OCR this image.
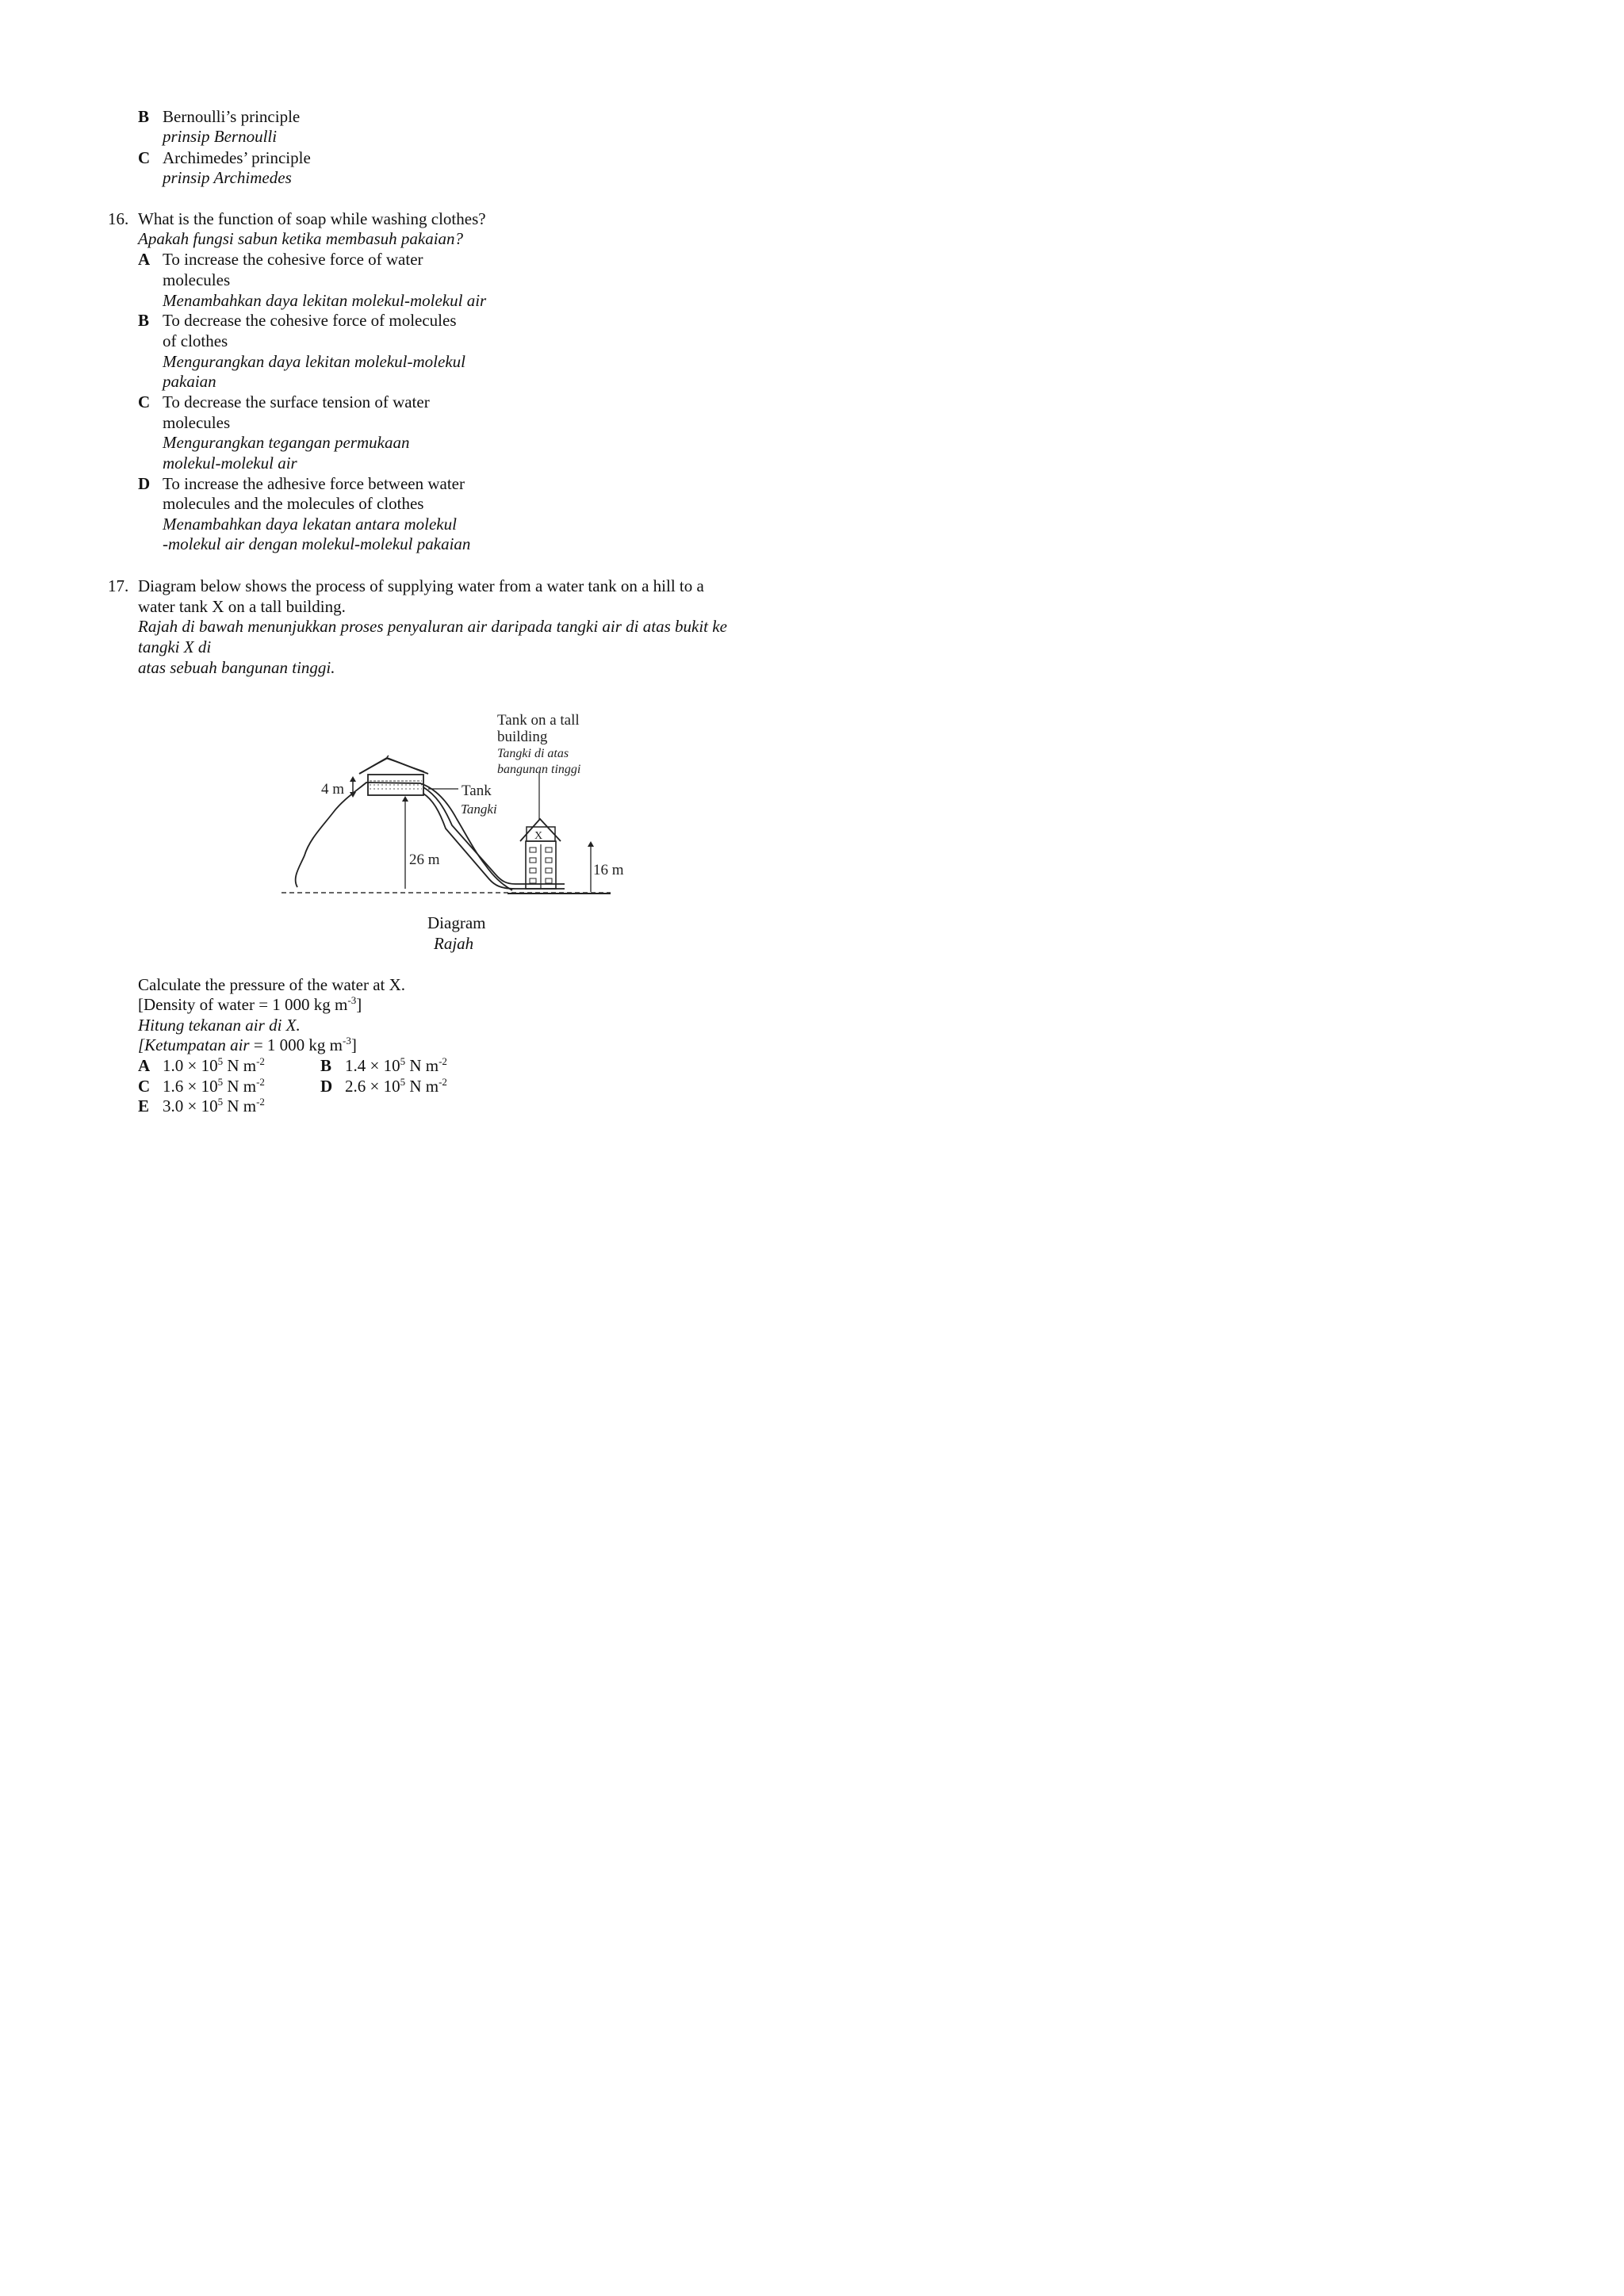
B Bernoulli’s principle
prinsip Bernoulli
C Archimedes’ principle
prinsip Archimedes
16. What is the function of soap while washing clothes?
Apakah fungsi sabun ketika membasuh pakaian?
A To increase the cohesive force of water
molecules
Menambahkan daya lekitan molekul-molekul air
B To decrease the cohesive force of molecules
of clothes
Mengurangkan daya lekitan molekul-molekul
pakaian
C To decrease the surface tension of water
molecules
Mengurangkan tegangan permukaan
molekul-molekul air
D To increase the adhesive force between water
molecules and the molecules of clothes
Menambahkan daya lekatan antara molekul
-molekul air dengan molekul-molekul pakaian
17. Diagram below shows the process of supplying water from a water tank on a hill to a
water tank X on a tall building.
Rajah di bawah menunjukkan proses penyaluran air daripada tangki air di atas bukit ke
tangki X di
atas sebuah bangunan tinggi.
4 m
26 m
Tank
Tangki
X
Tank on a tall
building
Tangki di atas
bangunan tinggi
16 m
Diagram
Rajah
Calculate the pressure of the water at X.
[Density of water = 1 000 kg $m^{-3}$]
Hitung tekanan air di X.
[Ketumpatan air = 1 000 kg $m^{-3}$]
A $1.0 \times 10^5$ N $m^{-2}$	B $1.4 \times 10^5$ N $m^{-2}$
C $1.6 \times 10^5$ N $m^{-2}$	D $2.6 \times 10^5$ N $m^{-2}$
E $3.0 \times 10^5$ N $m^{-2}$
